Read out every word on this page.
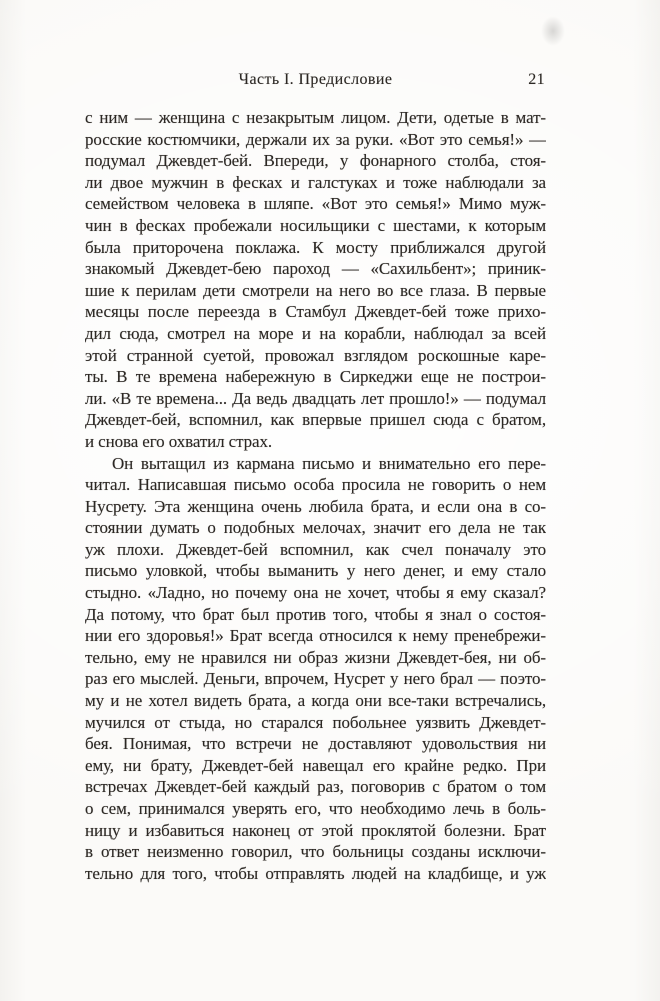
Часть I. Предисловие	21
с ним — женщина с незакрытым лицом. Дети, одетые в мат-
росские костюмчики, держали их за руки. «Вот это семья!» —
подумал Джевдет-бей. Впереди, у фонарного столба, стоя-
ли двое мужчин в фесках и галстуках и тоже наблюдали за
семейством человека в шляпе. «Вот это семья!» Мимо муж-
чин в фесках пробежали носильщики с шестами, к которым
была приторочена поклажа. К мосту приближался другой
знакомый Джевдет-бею пароход — «Сахильбент»; приник-
шие к перилам дети смотрели на него во все глаза. В первые
месяцы после переезда в Стамбул Джевдет-бей тоже прихо-
дил сюда, смотрел на море и на корабли, наблюдал за всей
этой странной суетой, провожал взглядом роскошные каре-
ты. В те времена набережную в Сиркеджи еще не построи-
ли. «В те времена... Да ведь двадцать лет прошло!» — подумал
Джевдет-бей, вспомнил, как впервые пришел сюда с братом,
и снова его охватил страх.
Он вытащил из кармана письмо и внимательно его пере-
читал. Написавшая письмо особа просила не говорить о нем
Нусрету. Эта женщина очень любила брата, и если она в со-
стоянии думать о подобных мелочах, значит его дела не так
уж плохи. Джевдет-бей вспомнил, как счел поначалу это
письмо уловкой, чтобы выманить у него денег, и ему стало
стыдно. «Ладно, но почему она не хочет, чтобы я ему сказал?
Да потому, что брат был против того, чтобы я знал о состоя-
нии его здоровья!» Брат всегда относился к нему пренебрежи-
тельно, ему не нравился ни образ жизни Джевдет-бея, ни об-
раз его мыслей. Деньги, впрочем, Нусрет у него брал — поэто-
му и не хотел видеть брата, а когда они все-таки встречались,
мучился от стыда, но старался побольнее уязвить Джевдет-
бея. Понимая, что встречи не доставляют удовольствия ни
ему, ни брату, Джевдет-бей навещал его крайне редко. При
встречах Джевдет-бей каждый раз, поговорив с братом о том
о сем, принимался уверять его, что необходимо лечь в боль-
ницу и избавиться наконец от этой проклятой болезни. Брат
в ответ неизменно говорил, что больницы созданы исключи-
тельно для того, чтобы отправлять людей на кладбище, и уж
